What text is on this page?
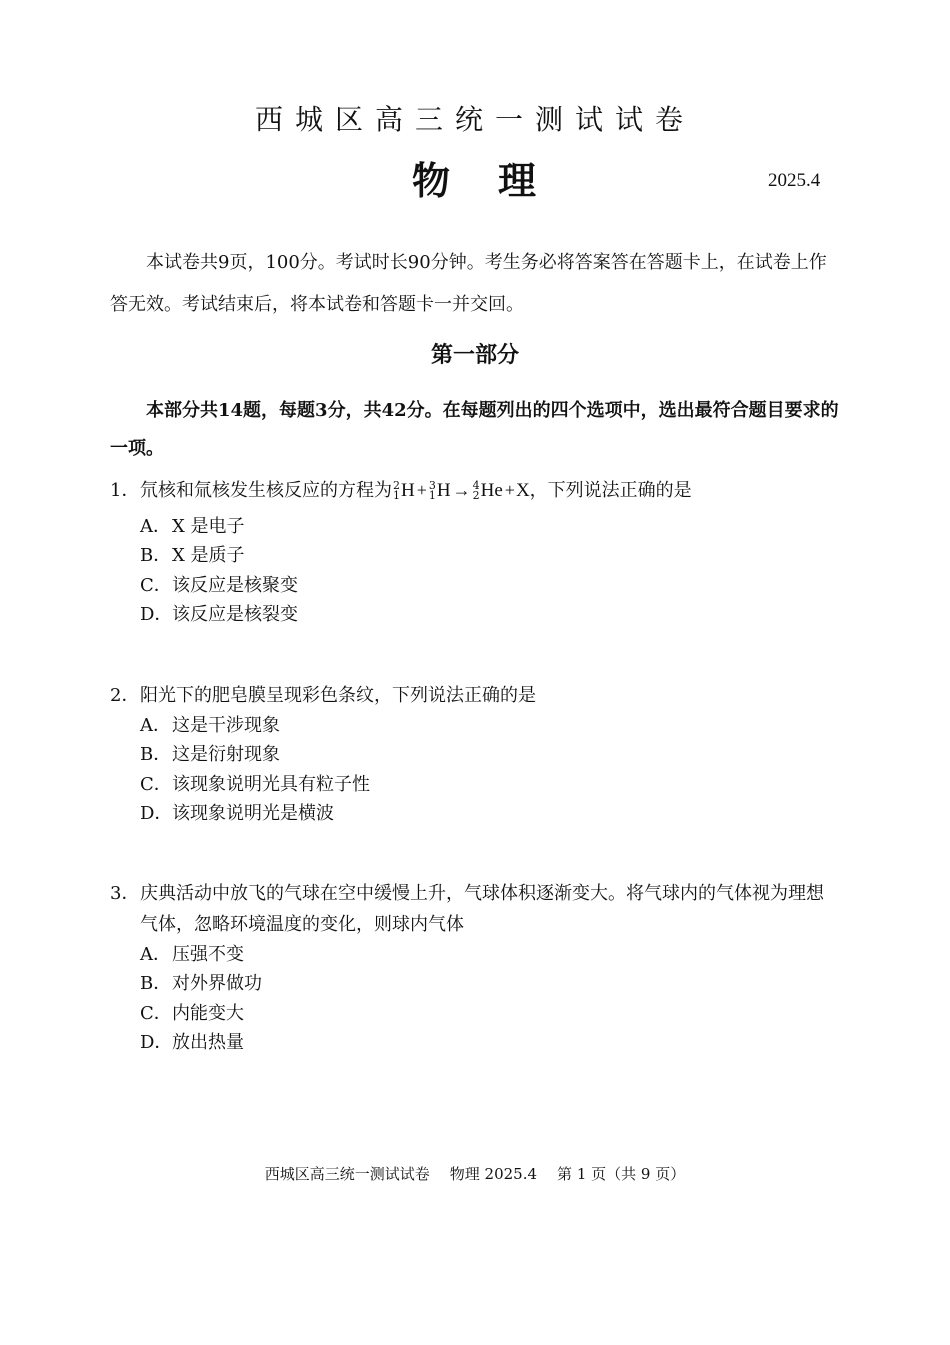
西城区高三统一测试试卷
物 理	2025.4
本试卷共9页，100分。考试时长90分钟。考生务必将答案答在答题卡上，在试卷上作
答无效。考试结束后，将本试卷和答题卡一并交回。
第一部分
本部分共14题，每题3分，共42分。在每题列出的四个选项中，选出最符合题目要求的
一项。
1．氘核和氚核发生核反应的方程为 2
1 H + 3
1 H → 4
2 He +X，下列说法正确的是
A．X 是电子
B．X 是质子
C．该反应是核聚变
D．该反应是核裂变
2．阳光下的肥皂膜呈现彩色条纹，下列说法正确的是
A．这是干涉现象
B．这是衍射现象
C．该现象说明光具有粒子性
D．该现象说明光是横波
3．庆典活动中放飞的气球在空中缓慢上升，气球体积逐渐变大。将气球内的气体视为理想
气体，忽略环境温度的变化，则球内气体
A．压强不变
B．对外界做功
C．内能变大
D．放出热量
西城区高三统一测试试卷 物理 2025.4 第 1 页（共 9 页）
